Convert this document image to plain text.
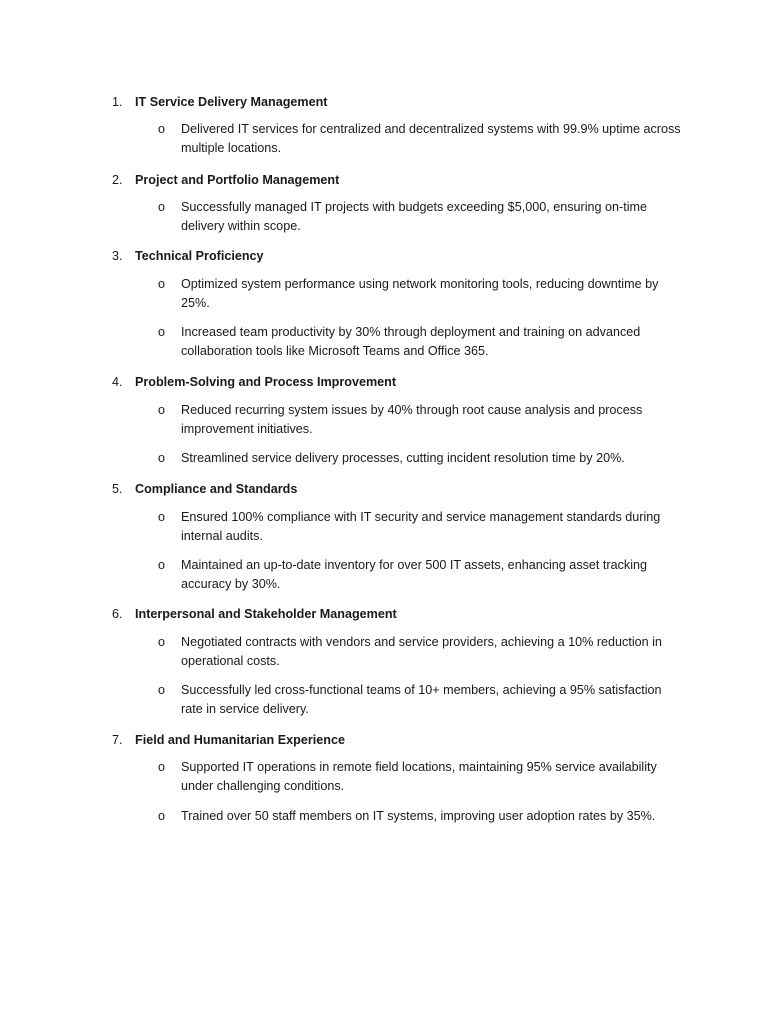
1. IT Service Delivery Management
o	Delivered IT services for centralized and decentralized systems with 99.9% uptime across multiple locations.
2. Project and Portfolio Management
o	Successfully managed IT projects with budgets exceeding $5,000, ensuring on-time delivery within scope.
3. Technical Proficiency
o	Optimized system performance using network monitoring tools, reducing downtime by 25%.
o	Increased team productivity by 30% through deployment and training on advanced collaboration tools like Microsoft Teams and Office 365.
4. Problem-Solving and Process Improvement
o	Reduced recurring system issues by 40% through root cause analysis and process improvement initiatives.
o	Streamlined service delivery processes, cutting incident resolution time by 20%.
5. Compliance and Standards
o	Ensured 100% compliance with IT security and service management standards during internal audits.
o	Maintained an up-to-date inventory for over 500 IT assets, enhancing asset tracking accuracy by 30%.
6. Interpersonal and Stakeholder Management
o	Negotiated contracts with vendors and service providers, achieving a 10% reduction in operational costs.
o	Successfully led cross-functional teams of 10+ members, achieving a 95% satisfaction rate in service delivery.
7. Field and Humanitarian Experience
o	Supported IT operations in remote field locations, maintaining 95% service availability under challenging conditions.
o	Trained over 50 staff members on IT systems, improving user adoption rates by 35%.
